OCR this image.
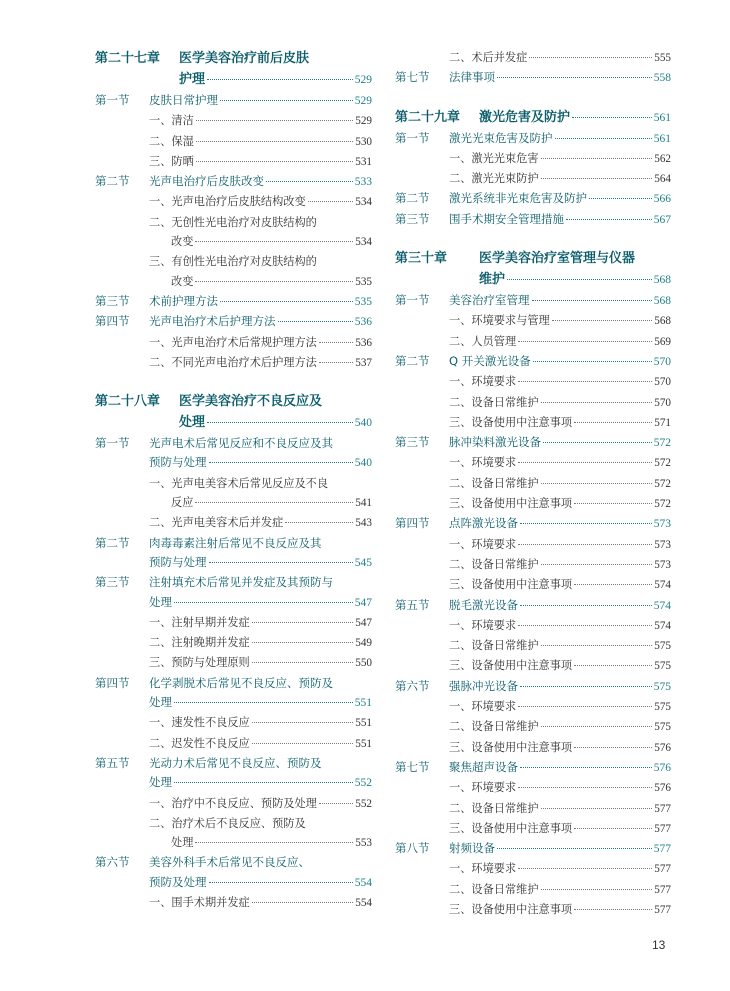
第二十七章	医学美容治疗前后皮肤
护理	529
第一节	皮肤日常护理	529
一、清洁	529
二、保湿	530
三、防晒	531
第二节	光声电治疗后皮肤改变	533
一、光声电治疗后皮肤结构改变	534
二、无创性光电治疗对皮肤结构的
改变	534
三、有创性光电治疗对皮肤结构的
改变	535
第三节	术前护理方法	535
第四节	光声电治疗术后护理方法	536
一、光声电治疗术后常规护理方法	536
二、不同光声电治疗术后护理方法	537
第二十八章	医学美容治疗不良反应及
处理	540
第一节	光声电术后常见反应和不良反应及其
预防与处理	540
一、光声电美容术后常见反应及不良
反应	541
二、光声电美容术后并发症	543
第二节	肉毒毒素注射后常见不良反应及其
预防与处理	545
第三节	注射填充术后常见并发症及其预防与
处理	547
一、注射早期并发症	547
二、注射晚期并发症	549
三、预防与处理原则	550
第四节	化学剥脱术后常见不良反应、预防及
处理	551
一、速发性不良反应	551
二、迟发性不良反应	551
第五节	光动力术后常见不良反应、预防及
处理	552
一、治疗中不良反应、预防及处理	552
二、治疗术后不良反应、预防及
处理	553
第六节	美容外科手术后常见不良反应、
预防及处理	554
一、围手术期并发症	554
二、术后并发症	555
第七节	法律事项	558
第二十九章	激光危害及防护	561
第一节	激光光束危害及防护	561
一、激光光束危害	562
二、激光光束防护	564
第二节	激光系统非光束危害及防护	566
第三节	围手术期安全管理措施	567
第三十章	医学美容治疗室管理与仪器
维护	568
第一节	美容治疗室管理	568
一、环境要求与管理	568
二、人员管理	569
第二节	Q 开关激光设备	570
一、环境要求	570
二、设备日常维护	570
三、设备使用中注意事项	571
第三节	脉冲染料激光设备	572
一、环境要求	572
二、设备日常维护	572
三、设备使用中注意事项	572
第四节	点阵激光设备	573
一、环境要求	573
二、设备日常维护	573
三、设备使用中注意事项	574
第五节	脱毛激光设备	574
一、环境要求	574
二、设备日常维护	575
三、设备使用中注意事项	575
第六节	强脉冲光设备	575
一、环境要求	575
二、设备日常维护	575
三、设备使用中注意事项	576
第七节	聚焦超声设备	576
一、环境要求	576
二、设备日常维护	577
三、设备使用中注意事项	577
第八节	射频设备	577
一、环境要求	577
二、设备日常维护	577
三、设备使用中注意事项	577
13
